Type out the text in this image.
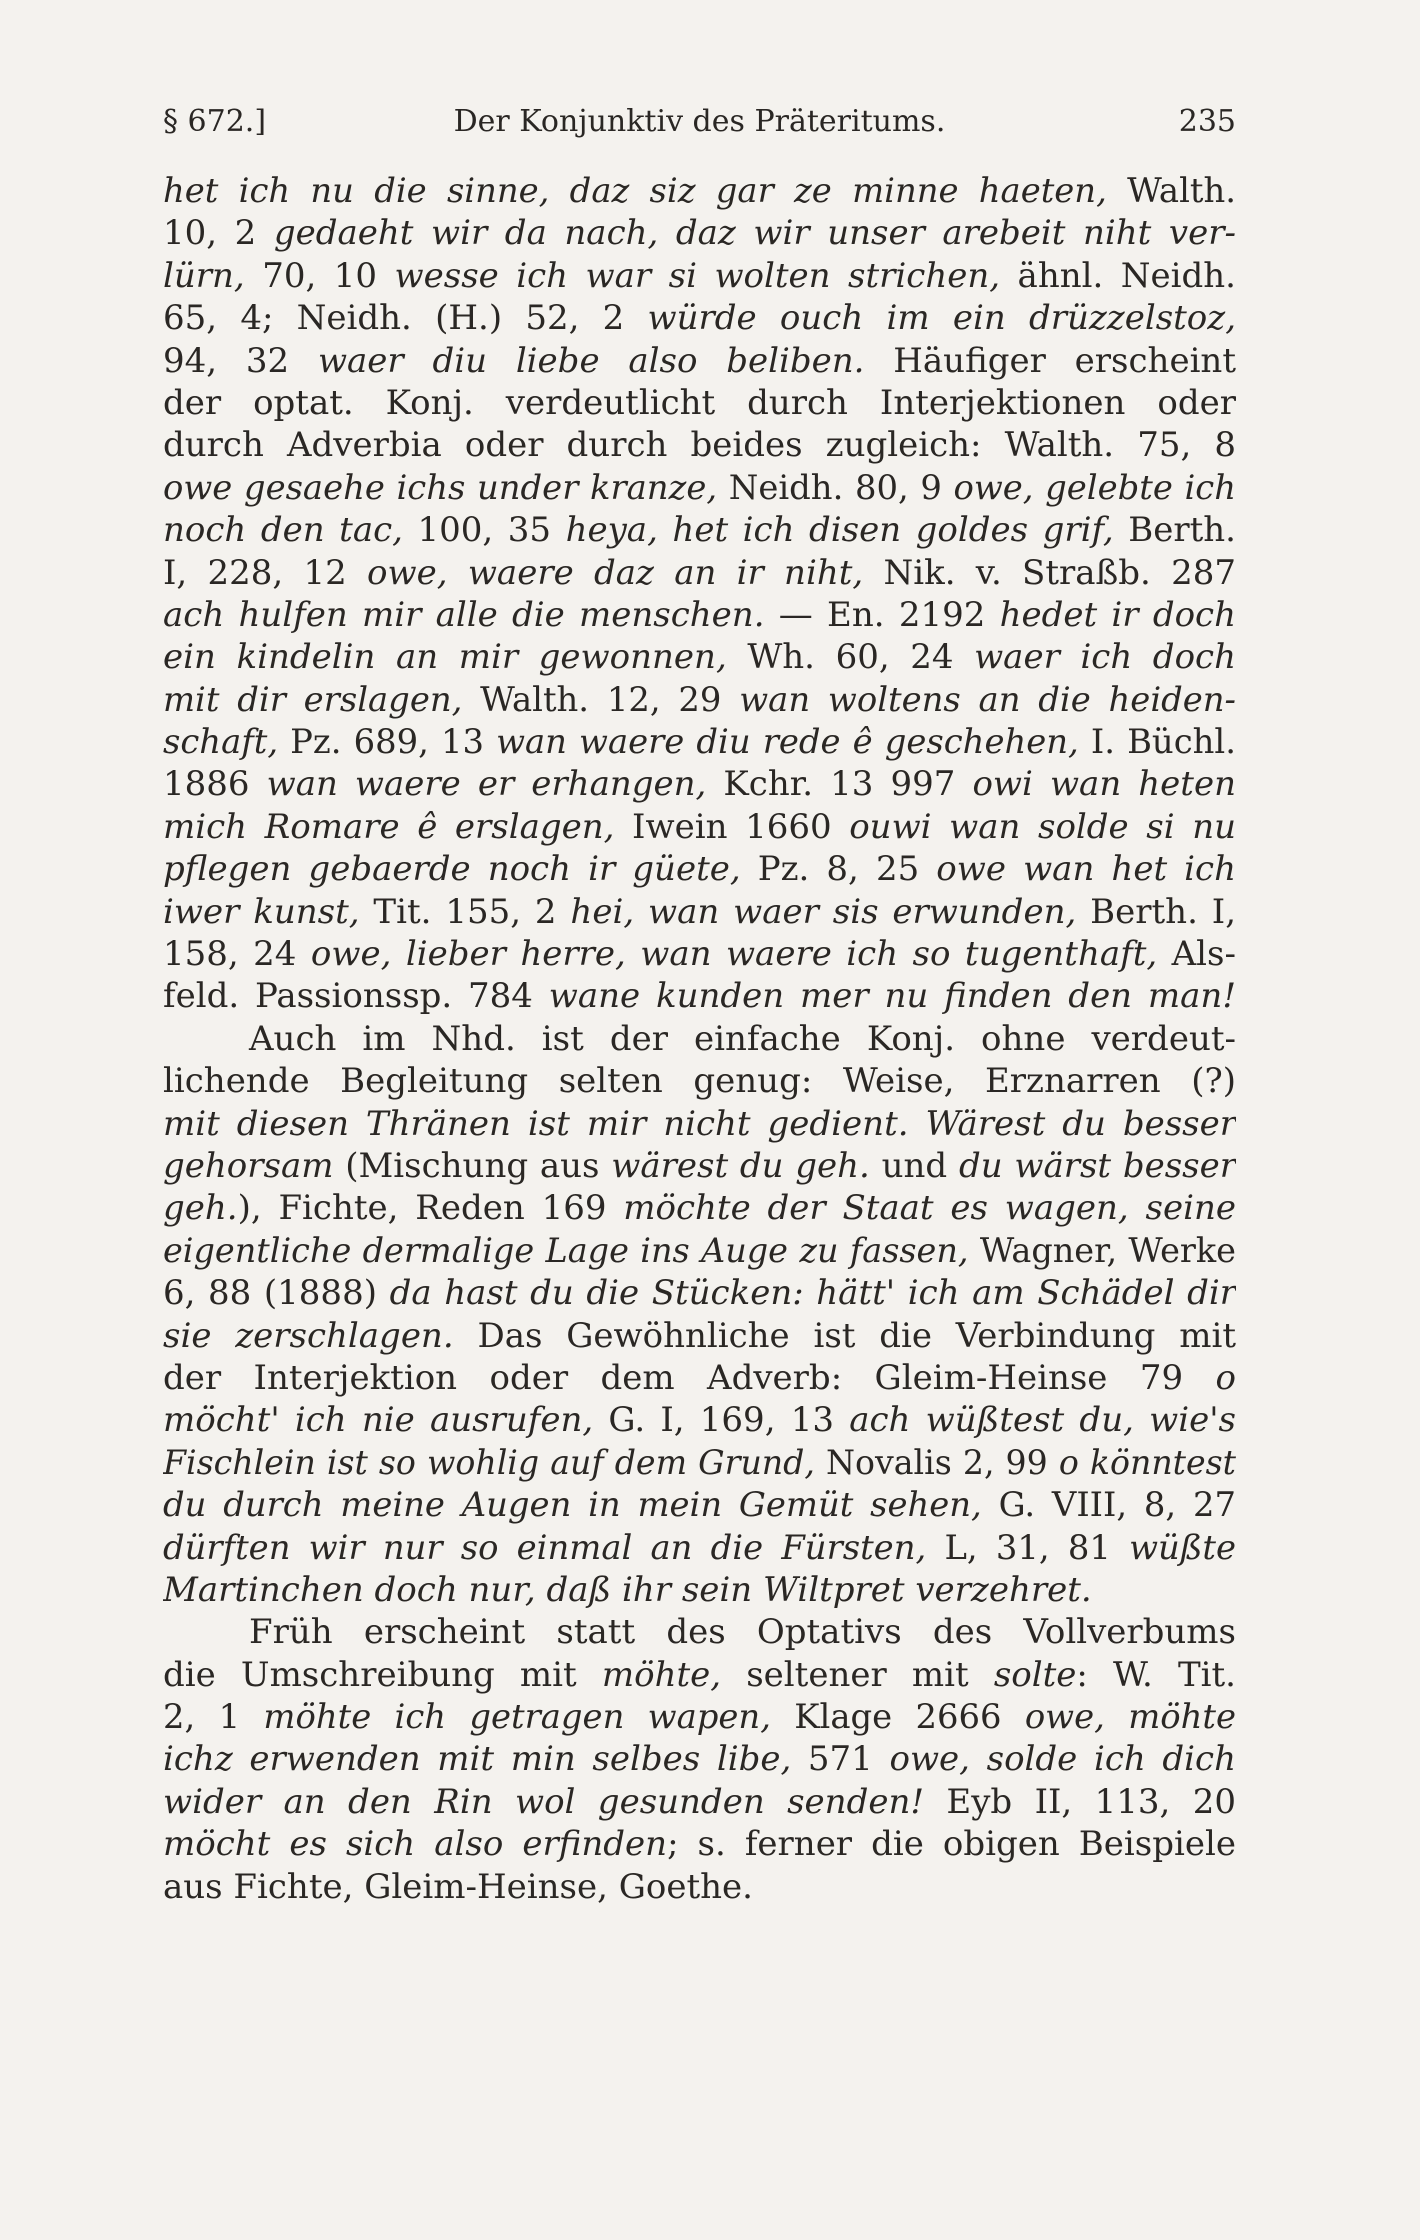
§ 672.]	Der Konjunktiv des Präteritums.	235
het ich nu die sinne, daz siz gar ze minne haeten, Walth.
10, 2 gedaeht wir da nach, daz wir unser arebeit niht ver-
lürn, 70, 10 wesse ich war si wolten strichen, ähnl. Neidh.
65, 4; Neidh. (H.) 52, 2 würde ouch im ein drüzzelstoz,
94, 32 waer diu liebe also beliben. Häufiger erscheint
der optat. Konj. verdeutlicht durch Interjektionen oder
durch Adverbia oder durch beides zugleich: Walth. 75, 8
owe gesaehe ichs under kranze, Neidh. 80, 9 owe, gelebte ich
noch den tac, 100, 35 heya, het ich disen goldes grif, Berth.
I, 228, 12 owe, waere daz an ir niht, Nik. v. Straßb. 287
ach hulfen mir alle die menschen. — En. 2192 hedet ir doch
ein kindelin an mir gewonnen, Wh. 60, 24 waer ich doch
mit dir erslagen, Walth. 12, 29 wan woltens an die heiden-
schaft, Pz. 689, 13 wan waere diu rede ê geschehen, I. Büchl.
1886 wan waere er erhangen, Kchr. 13 997 owi wan heten
mich Romare ê erslagen, Iwein 1660 ouwi wan solde si nu
pflegen gebaerde noch ir güete, Pz. 8, 25 owe wan het ich
iwer kunst, Tit. 155, 2 hei, wan waer sis erwunden, Berth. I,
158, 24 owe, lieber herre, wan waere ich so tugenthaft, Als-
feld. Passionssp. 784 wane kunden mer nu finden den man!
Auch im Nhd. ist der einfache Konj. ohne verdeut-
lichende Begleitung selten genug: Weise, Erznarren (?)
mit diesen Thränen ist mir nicht gedient. Wärest du besser
gehorsam (Mischung aus wärest du geh. und du wärst besser
geh.), Fichte, Reden 169 möchte der Staat es wagen, seine
eigentliche dermalige Lage ins Auge zu fassen, Wagner, Werke
6, 88 (1888) da hast du die Stücken: hätt' ich am Schädel dir
sie zerschlagen. Das Gewöhnliche ist die Verbindung mit
der Interjektion oder dem Adverb: Gleim-Heinse 79 o
möcht' ich nie ausrufen, G. I, 169, 13 ach wüßtest du, wie's
Fischlein ist so wohlig auf dem Grund, Novalis 2, 99 o könntest
du durch meine Augen in mein Gemüt sehen, G. VIII, 8, 27
dürften wir nur so einmal an die Fürsten, L, 31, 81 wüßte
Martinchen doch nur, daß ihr sein Wiltpret verzehret.
Früh erscheint statt des Optativs des Vollverbums
die Umschreibung mit möhte, seltener mit solte: W. Tit.
2, 1 möhte ich getragen wapen, Klage 2666 owe, möhte
ichz erwenden mit min selbes libe, 571 owe, solde ich dich
wider an den Rin wol gesunden senden! Eyb II, 113, 20
möcht es sich also erfinden; s. ferner die obigen Beispiele
aus Fichte, Gleim-Heinse, Goethe.
